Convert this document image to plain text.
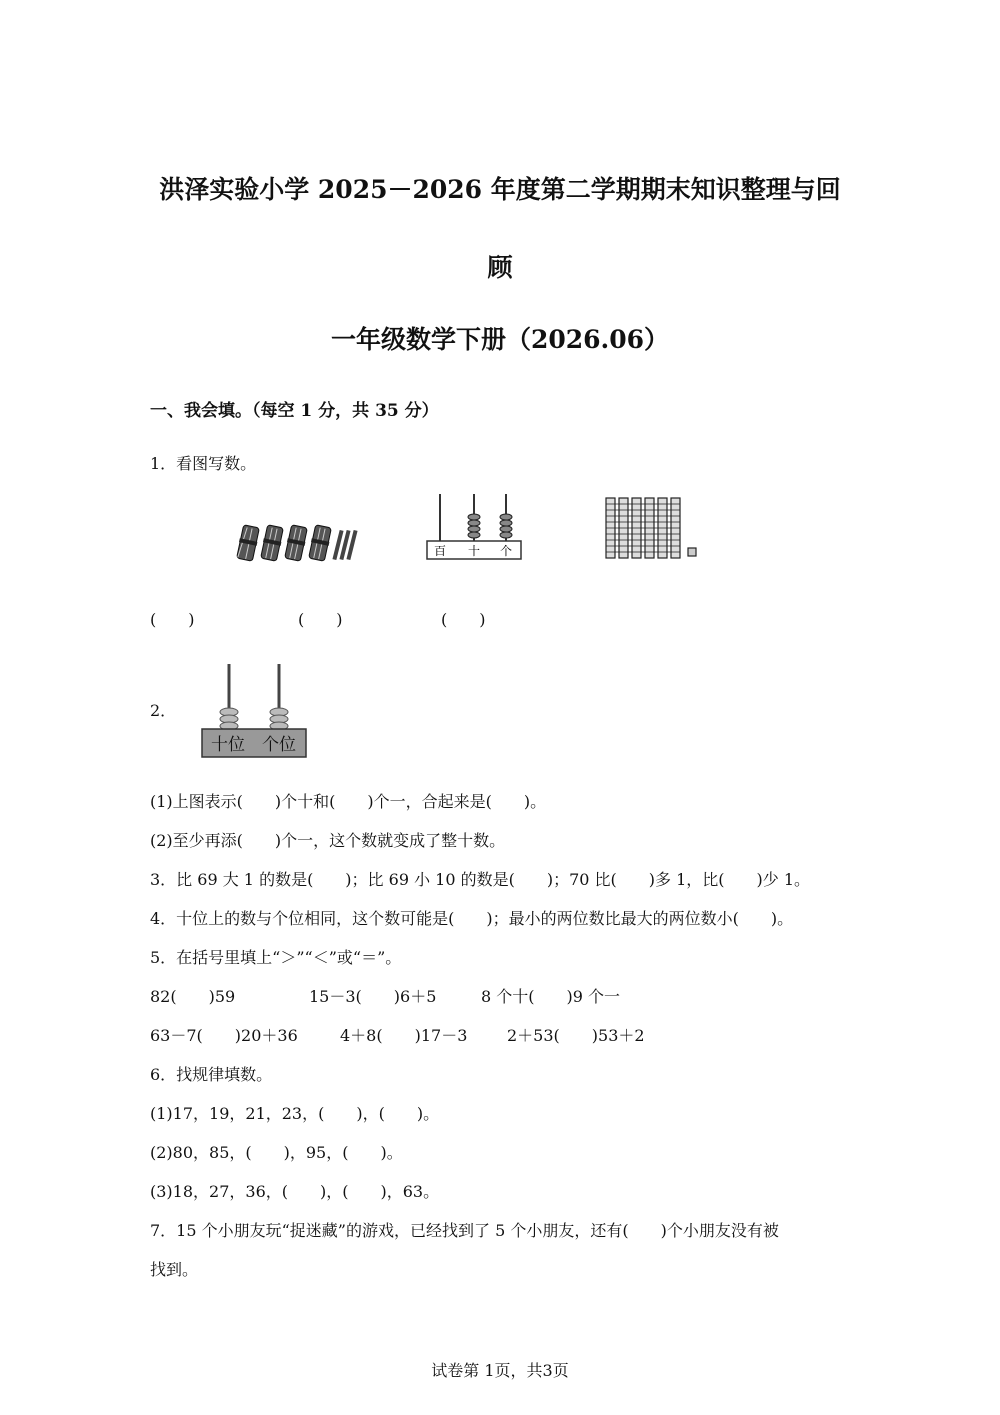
洪泽实验小学 2025－2026 年度第二学期期末知识整理与回
顾
一年级数学下册（2026.06）
一、我会填。（每空 1 分，共 35 分）
1．看图写数。
百 十 个
(　　)	(　　)	(　　)
2．
十位 个位
(1)上图表示(　　)个十和(　　)个一，合起来是(　　)。
(2)至少再添(　　)个一，这个数就变成了整十数。
3．比 69 大 1 的数是(　　)；比 69 小 10 的数是(　　)；70 比(　　)多 1，比(　　)少 1。
4．十位上的数与个位相同，这个数可能是(　　)；最小的两位数比最大的两位数小(　　)。
5．在括号里填上“＞”“＜”或“＝”。
82(　　)59	15－3(　　)6＋5	8 个十(　　)9 个一
63－7(　　)20＋36	4＋8(　　)17－3 2＋53(　　)53＋2
6．找规律填数。
(1)17，19，21，23，(　　)，(　　)。
(2)80，85，(　　)，95，(　　)。
(3)18，27，36，(　　)，(　　)，63。
7．15 个小朋友玩“捉迷藏”的游戏，已经找到了 5 个小朋友，还有(　　)个小朋友没有被
找到。
试卷第 1页，共3页
